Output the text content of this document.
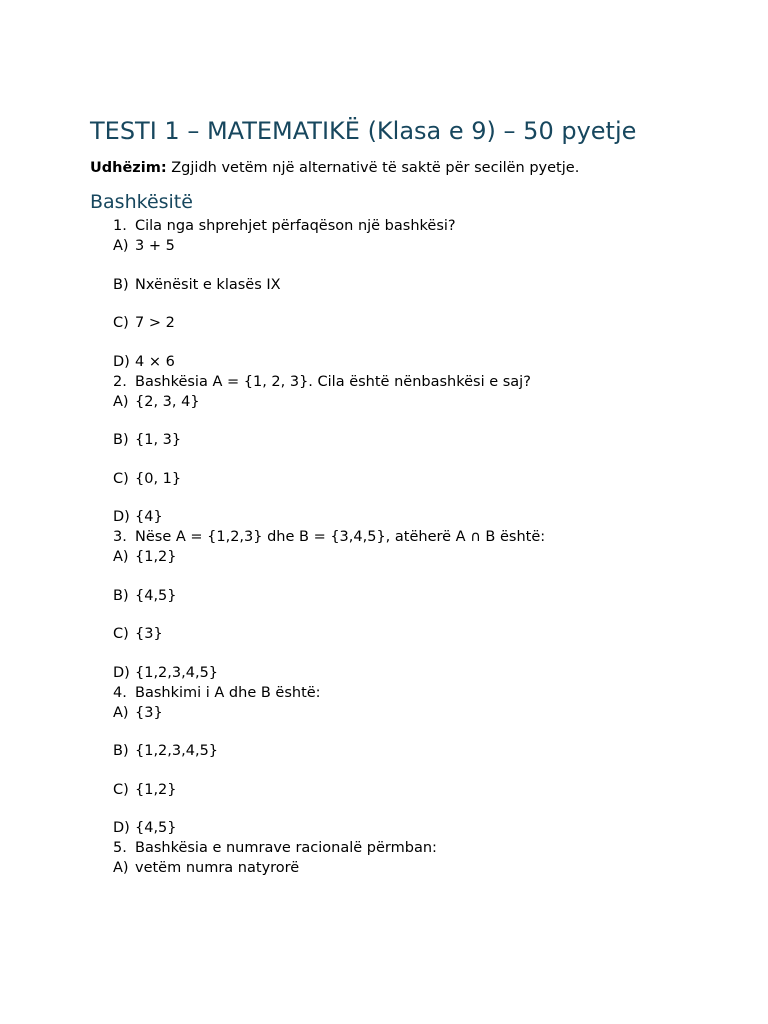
TESTI 1 – MATEMATIKË (Klasa e 9) – 50 pyetje
Udhëzim: Zgjidh vetëm një alternativë të saktë për secilën pyetje.
Bashkësitë
1. Cila nga shprehjet përfaqëson një bashkësi?
A) 3 + 5
B) Nxënësit e klasës IX
C) 7 > 2
D) 4 × 6
2. Bashkësia A = {1, 2, 3}. Cila është nënbashkësi e saj?
A) {2, 3, 4}
B) {1, 3}
C) {0, 1}
D) {4}
3. Nëse A = {1,2,3} dhe B = {3,4,5}, atëherë A ∩ B është:
A) {1,2}
B) {4,5}
C) {3}
D) {1,2,3,4,5}
4. Bashkimi i A dhe B është:
A) {3}
B) {1,2,3,4,5}
C) {1,2}
D) {4,5}
5. Bashkësia e numrave racionalë përmban:
A) vetëm numra natyrorë
